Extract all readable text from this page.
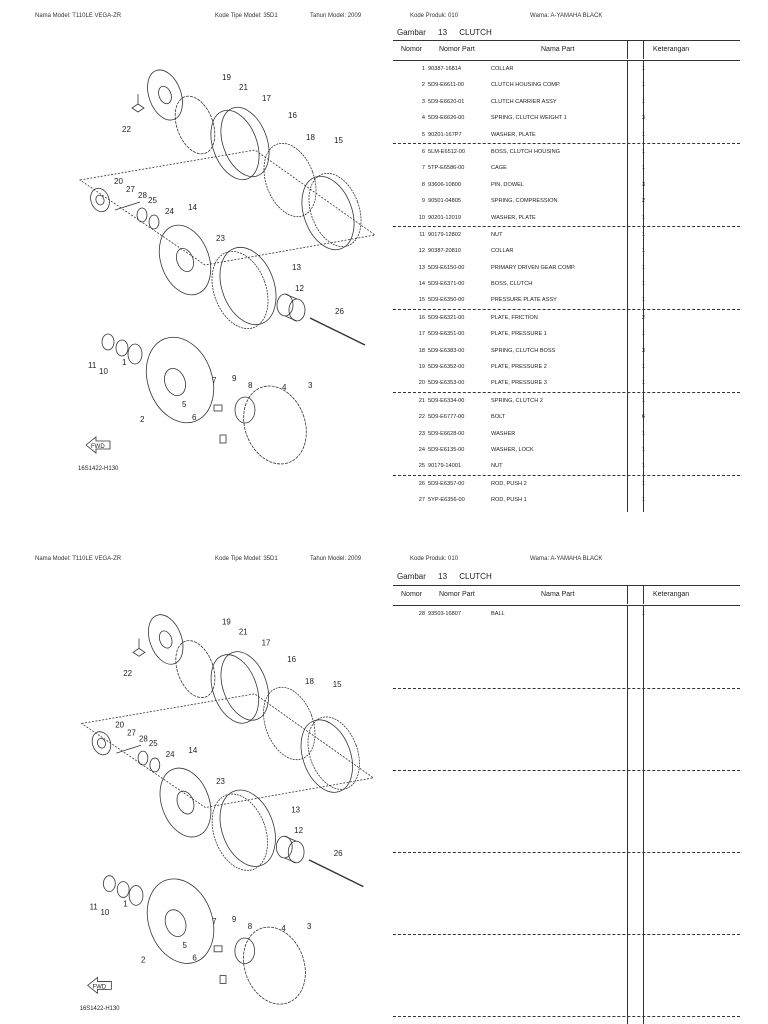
Nama Model: T110LE VEGA-ZR	Kode Tipe Model: 35D1	Tahun Model: 2009	Kode Produk: 010	Warna: A-YAMAHA BLACK
Gambar 13 CLUTCH
FWD
16S1422-H130
1
2
3
4
5
6
7
8
9
10
11
12
13
14
15
16
17
18
19
20
21
22
23
24
25
26
27
28
Nomor Nomor Part	Nama Part	Keterangan
1 90387-16814	COLLAR	1
2 5D9-E6611-00	CLUTCH HOUSING COMP.	1
3 5D9-E6620-01	CLUTCH CARRIER ASSY	1
4 5D9-E6626-00	SPRING, CLUTCH WEIGHT 1	3
5 90201-167P7	WASHER, PLATE	1
6 5LM-E6512-00	BOSS, CLUTCH HOUSING	1
7 5TP-E6586-00	CAGE	1
8 93606-10800	PIN, DOWEL	3
9 90501-04805	SPRING, COMPRESSION	2
10 90201-12019	WASHER, PLATE	1
11 90179-12802	NUT	1
12 90387-20810	COLLAR	1
13 5D9-E6150-00	PRIMARY DRIVEN GEAR COMP.	1
14 5D9-E6371-00	BOSS, CLUTCH	1
15 5D9-E6350-00	PRESSURE PLATE ASSY	1
16 5D9-E6321-00	PLATE, FRICTION	2
17 5D9-E6351-00	PLATE, PRESSURE 1	1
18 5D9-E6383-00	SPRING, CLUTCH BOSS	3
19 5D9-E6352-00	PLATE, PRESSURE 2	1
20 5D9-E6353-00	PLATE, PRESSURE 3	1
21 5D9-E6334-00	SPRING, CLUTCH 2	1
22 5D9-E6777-00	BOLT	6
23 5D9-E6628-00	WASHER	1
24 5D9-E6135-00	WASHER, LOCK	1
25 90179-14001	NUT	1
26 5D9-E6357-00	ROD, PUSH 2	1
27 5YP-E6356-00	ROD, PUSH 1	1
Nama Model: T110LE VEGA-ZR	Kode Tipe Model: 35D1	Tahun Model: 2009	Kode Produk: 010	Warna: A-YAMAHA BLACK
Gambar 13 CLUTCH
FWD
16S1422-H130
1
2
3
4
5
6
7
8
9
10
11
12
13
14
15
16
17
18
19
20
21
22
23
24
25
26
27
28
Nomor Nomor Part	Nama Part	Keterangan
28 93503-16807	BALL	1
